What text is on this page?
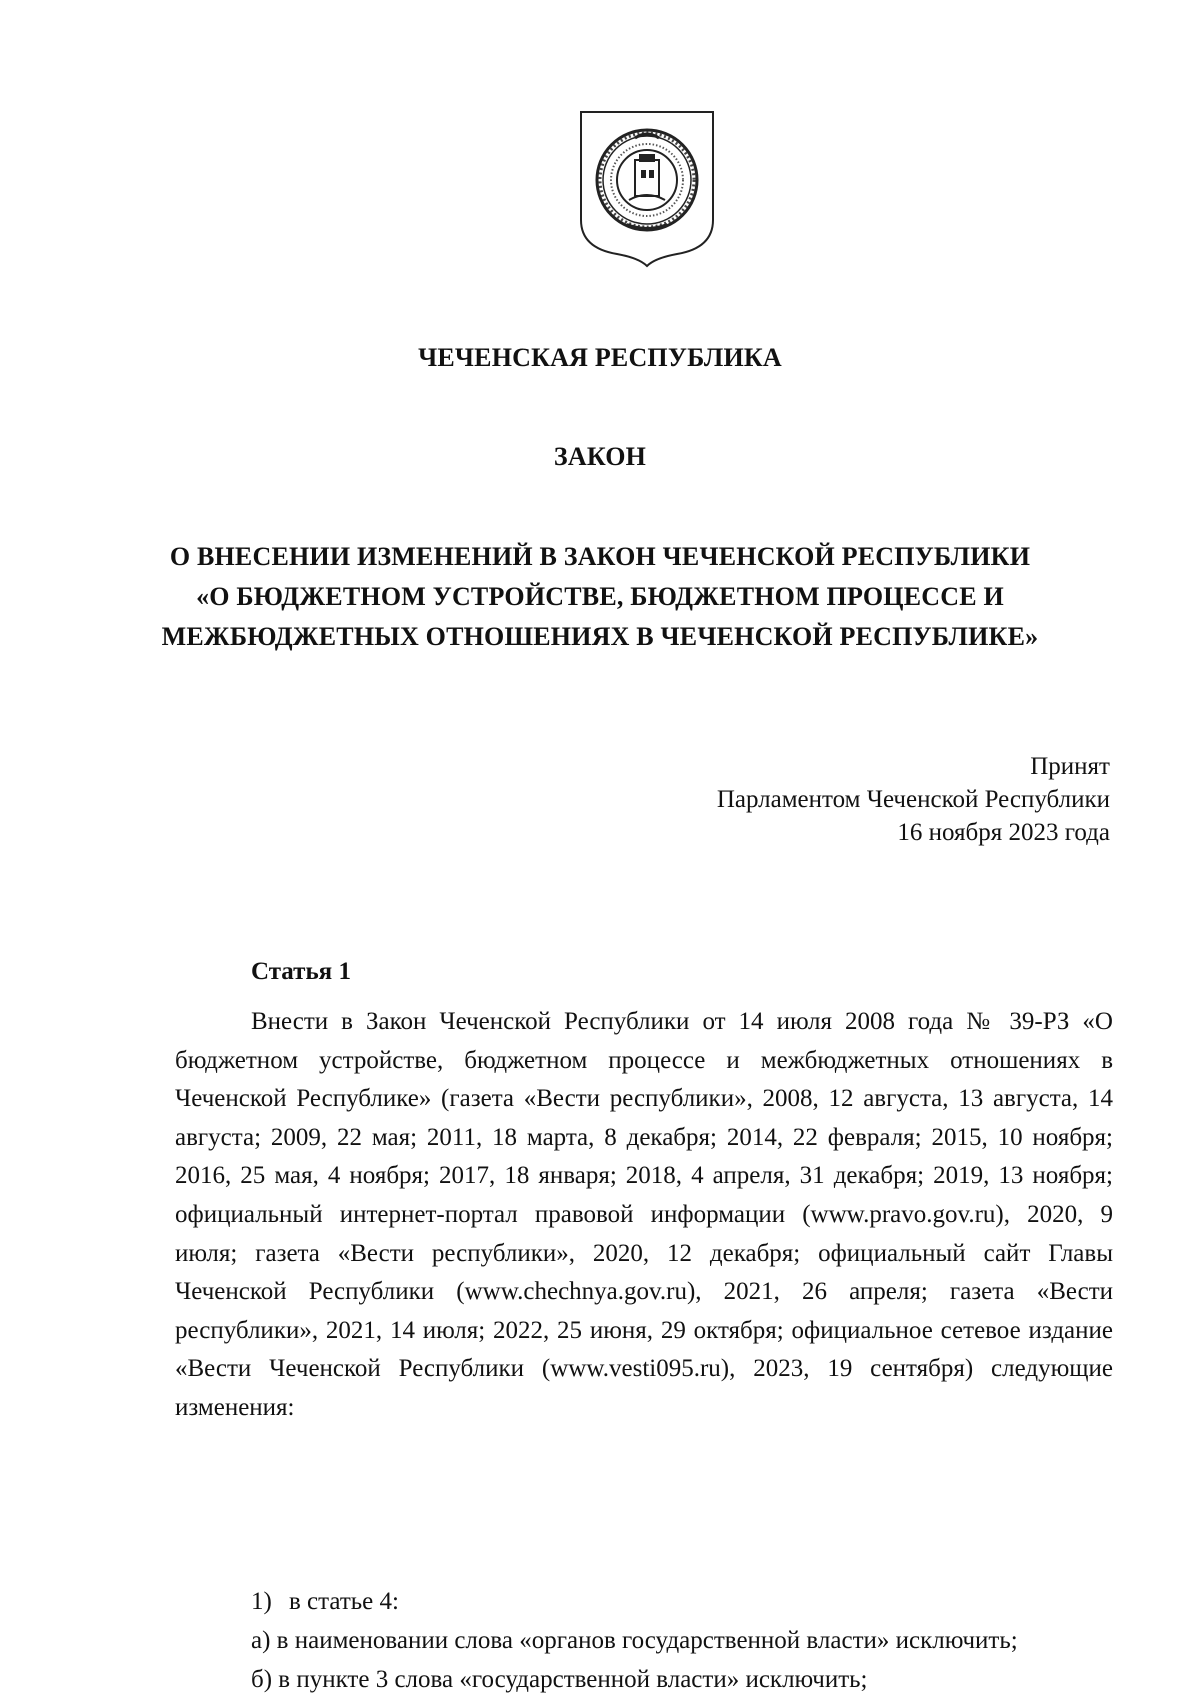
ЧЕЧЕНСКАЯ РЕСПУБЛИКА
ЗАКОН
О ВНЕСЕНИИ ИЗМЕНЕНИЙ В ЗАКОН ЧЕЧЕНСКОЙ РЕСПУБЛИКИ
«О БЮДЖЕТНОМ УСТРОЙСТВЕ, БЮДЖЕТНОМ ПРОЦЕССЕ И
МЕЖБЮДЖЕТНЫХ ОТНОШЕНИЯХ В ЧЕЧЕНСКОЙ РЕСПУБЛИКЕ»
Принят
Парламентом Чеченской Республики
16 ноября 2023 года
Статья 1
Внести в Закон Чеченской Республики от 14 июля 2008 года № 39-РЗ «О бюджетном устройстве, бюджетном процессе и межбюджетных отношениях в Чеченской Республике» (газета «Вести республики», 2008, 12 августа, 13 августа, 14 августа; 2009, 22 мая; 2011, 18 марта, 8 декабря; 2014, 22 февраля; 2015, 10 ноября; 2016, 25 мая, 4 ноября; 2017, 18 января; 2018, 4 апреля, 31 декабря; 2019, 13 ноября; официальный интернет-портал правовой информации (www.pravo.gov.ru), 2020, 9 июля; газета «Вести республики», 2020, 12 декабря; официальный сайт Главы Чеченской Республики (www.chechnya.gov.ru), 2021, 26 апреля; газета «Вести республики», 2021, 14 июля; 2022, 25 июня, 29 октября; официальное сетевое издание «Вести Чеченской Республики (www.vesti095.ru), 2023, 19 сентября) следующие изменения:
1) в статье 4:
а) в наименовании слова «органов государственной власти» исключить;
б) в пункте 3 слова «государственной власти» исключить;
